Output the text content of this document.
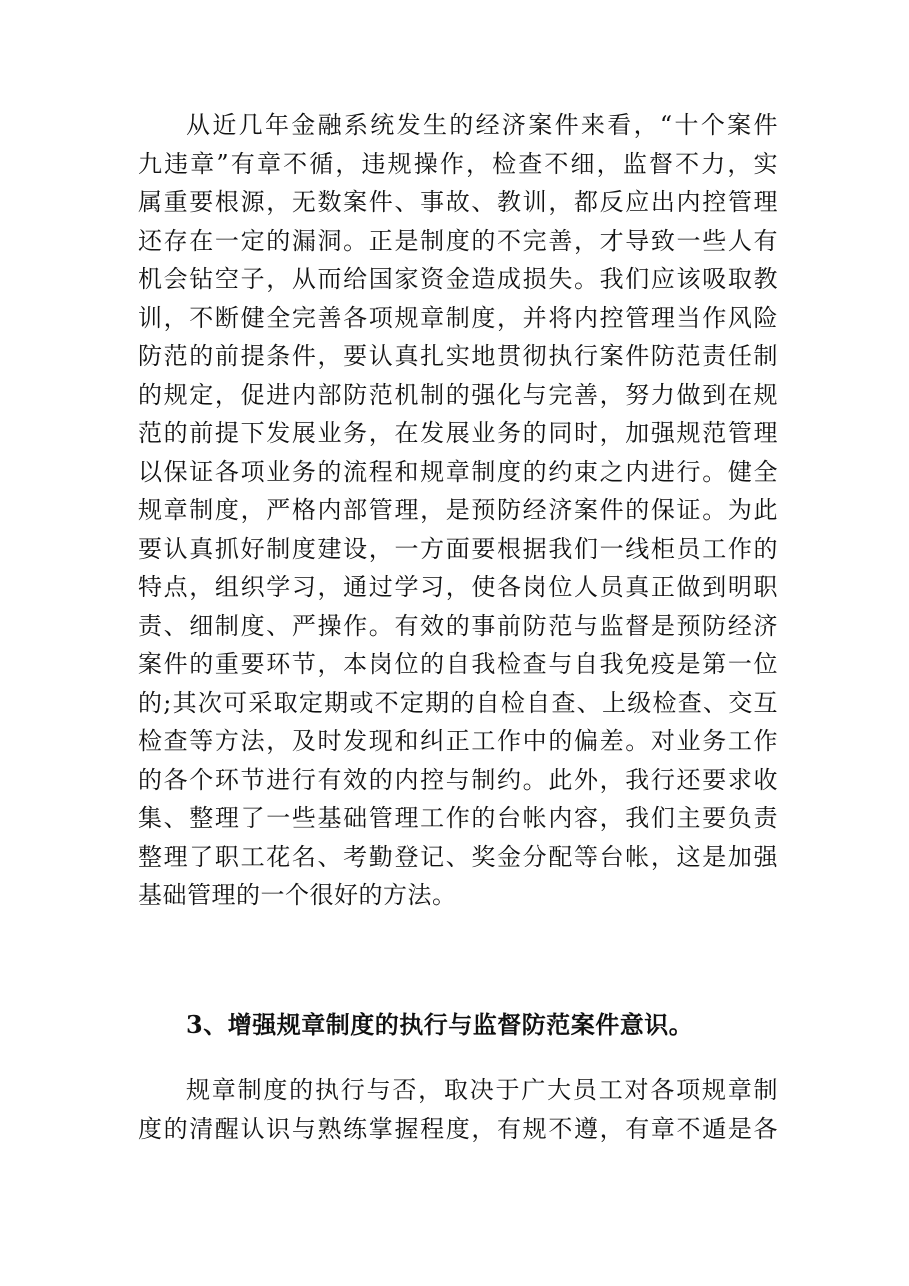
从近几年金融系统发生的经济案件来看，“十个案件
九违章”有章不循，违规操作，检查不细，监督不力，实
属重要根源，无数案件、事故、教训，都反应出内控管理
还存在一定的漏洞。正是制度的不完善，才导致一些人有
机会钻空子，从而给国家资金造成损失。我们应该吸取教
训，不断健全完善各项规章制度，并将内控管理当作风险
防范的前提条件，要认真扎实地贯彻执行案件防范责任制
的规定，促进内部防范机制的强化与完善，努力做到在规
范的前提下发展业务，在发展业务的同时，加强规范管理
以保证各项业务的流程和规章制度的约束之内进行。健全
规章制度，严格内部管理，是预防经济案件的保证。为此
要认真抓好制度建设，一方面要根据我们一线柜员工作的
特点，组织学习，通过学习，使各岗位人员真正做到明职
责、细制度、严操作。有效的事前防范与监督是预防经济
案件的重要环节，本岗位的自我检查与自我免疫是第一位
的;其次可采取定期或不定期的自检自查、上级检查、交互
检查等方法，及时发现和纠正工作中的偏差。对业务工作
的各个环节进行有效的内控与制约。此外，我行还要求收
集、整理了一些基础管理工作的台帐内容，我们主要负责
整理了职工花名、考勤登记、奖金分配等台帐，这是加强
基础管理的一个很好的方法。
3、增强规章制度的执行与监督防范案件意识。
规章制度的执行与否，取决于广大员工对各项规章制
度的清醒认识与熟练掌握程度，有规不遵，有章不遁是各
